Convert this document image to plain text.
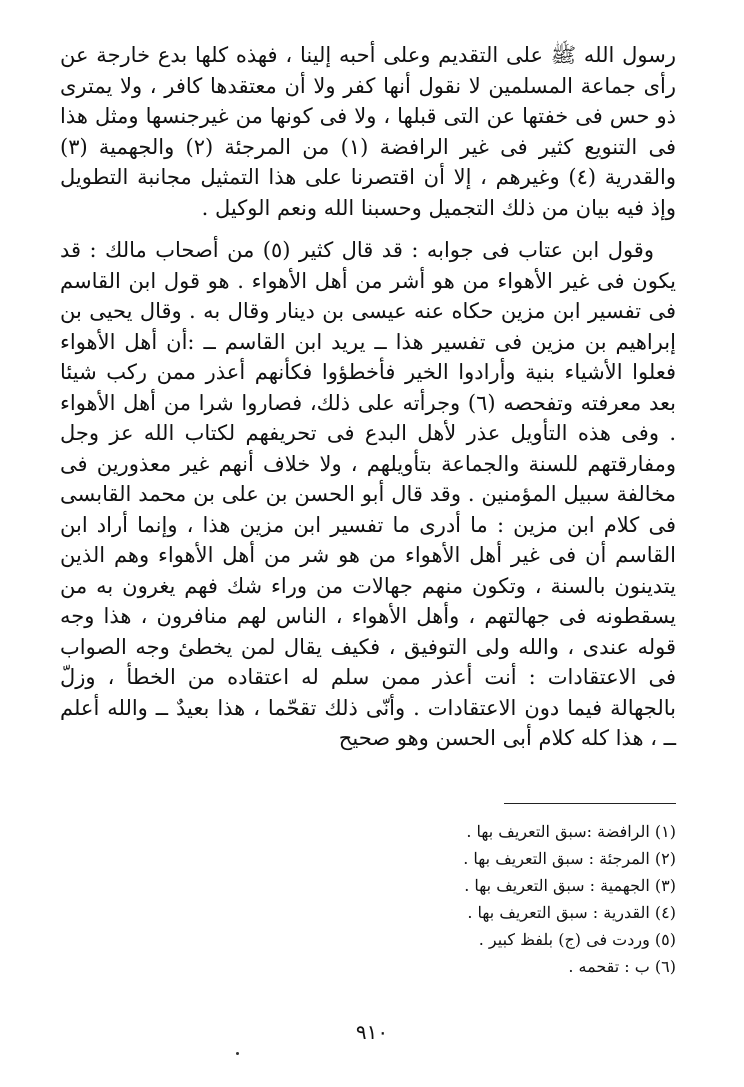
رسول الله ﷺ على التقديم وعلى أحبه إلينا ، فهذه كلها بدع خارجة عن رأى جماعة المسلمين لا نقول أنها كفر ولا أن معتقدها كافر ، ولا يمترى ذو حس فى خفتها عن التى قبلها ، ولا فى كونها من غيرجنسها ومثل هذا فى التنويع كثير فى غير الرافضة (١) من المرجئة (٢) والجهمية (٣) والقدرية (٤) وغيرهم ، إلا أن اقتصرنا على هذا التمثيل مجانبة التطويل وإذ فيه بيان من ذلك التجميل وحسبنا الله ونعم الوكيل .

وقول ابن عتاب فى جوابه : قد قال كثير (٥) من أصحاب مالك : قد يكون فى غير الأهواء من هو أشر من أهل الأهواء . هو قول ابن القاسم فى تفسير ابن مزين حكاه عنه عيسى بن دينار وقال به . وقال يحيى بن إبراهيم بن مزين فى تفسير هذا ــ يريد ابن القاسم ــ :أن أهل الأهواء فعلوا الأشياء بنية وأرادوا الخير فأخطؤوا فكأنهم أعذر ممن ركب شيئا بعد معرفته وتفحصه (٦) وجرأته على ذلك، فصاروا شرا من أهل الأهواء . وفى هذه التأويل عذر لأهل البدع فى تحريفهم لكتاب الله عز وجل ومفارقتهم للسنة والجماعة بتأويلهم ، ولا خلاف أنهم غير معذورين فى مخالفة سبيل المؤمنين . وقد قال أبو الحسن بن على بن محمد القابسى فى كلام ابن مزين : ما أدرى ما تفسير ابن مزين هذا ، وإنما أراد ابن القاسم أن فى غير أهل الأهواء من هو شر من أهل الأهواء وهم الذين يتدينون بالسنة ، وتكون منهم جهالات من وراء شك فهم يغرون به من يسقطونه فى جهالتهم ، وأهل الأهواء ، الناس لهم منافرون ، هذا وجه قوله عندى ، والله ولى التوفيق ، فكيف يقال لمن يخطئ وجه الصواب فى الاعتقادات : أنت أعذر ممن سلم له اعتقاده من الخطأ ، وزلّ بالجهالة فيما دون الاعتقادات . وأنّى ذلك تقحّما ، هذا بعيدٌ ــ والله أعلم ــ ، هذا كله كلام أبى الحسن وهو صحيح

(١) الرافضة :سبق التعريف بها .
(٢) المرجئة : سبق التعريف بها .
(٣) الجهمية : سبق التعريف بها .
(٤) القدرية : سبق التعريف بها .
(٥) وردت فى (ج) بلفظ كبير .
(٦) ب : تقحمه .
٩١٠
